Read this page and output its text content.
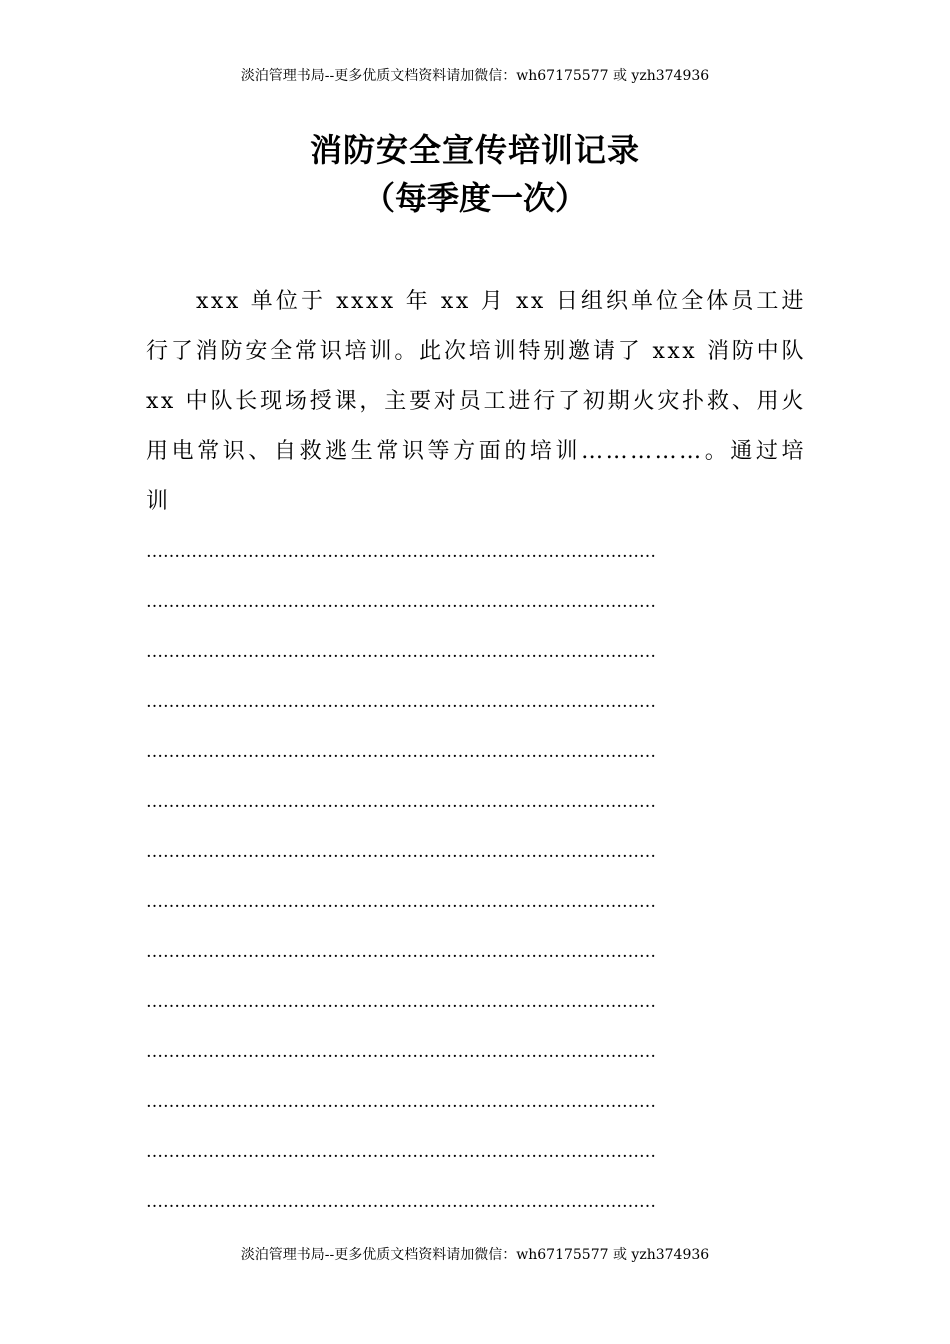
淡泊管理书局--更多优质文档资料请加微信：wh67175577 或 yzh374936
消防安全宣传培训记录
（每季度一次）
xxx 单位于 xxxx 年 xx 月 xx 日组织单位全体员工进行了消防安全常识培训。此次培训特别邀请了 xxx 消防中队 xx 中队长现场授课，主要对员工进行了初期火灾扑救、用火用电常识、自救逃生常识等方面的培训……………。通过培训
………………………………………………………………………………
………………………………………………………………………………
………………………………………………………………………………
………………………………………………………………………………
………………………………………………………………………………
………………………………………………………………………………
………………………………………………………………………………
………………………………………………………………………………
………………………………………………………………………………
………………………………………………………………………………
………………………………………………………………………………
………………………………………………………………………………
………………………………………………………………………………
………………………………………………………………………………
淡泊管理书局--更多优质文档资料请加微信：wh67175577 或 yzh374936
